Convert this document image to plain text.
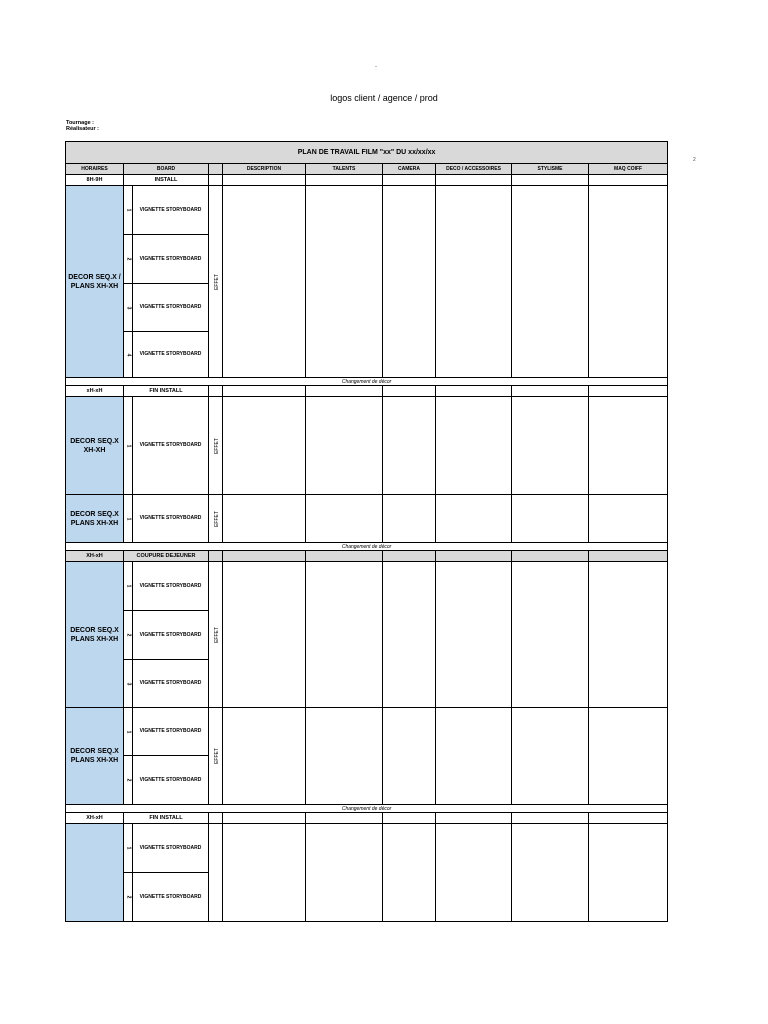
-
logos client / agence / prod
Tournage :
Réalisateur :
2
PLAN DE TRAVAIL FILM "xx" DU xx/xx/xx									
HORAIRES	BOARD			DESCRIPTION	TALENTS	CAMERA	DECO / ACCESSOIRES	STYLISME	MAQ COIFF
8H-9H	INSTALL								
DECOR SEQ.X / PLANS XH-XH	1	VIGNETTE STORYBOARD	EFFET						
	2	VIGNETTE STORYBOARD							
	3	VIGNETTE STORYBOARD							
	4	VIGNETTE STORYBOARD							
Changement de décor									
xH-xH	FIN INSTALL								
DECOR SEQ.X XH-XH	1	VIGNETTE STORYBOARD	EFFET						
DECOR SEQ.X PLANS XH-XH	1	VIGNETTE STORYBOARD	EFFET						
Changement de décor									
XH-xH	COUPURE DEJEUNER								
DECOR SEQ.X PLANS XH-XH	1	VIGNETTE STORYBOARD	EFFET						
	2	VIGNETTE STORYBOARD							
	3	VIGNETTE STORYBOARD							
DECOR SEQ.X PLANS XH-XH	1	VIGNETTE STORYBOARD	EFFET						
	2	VIGNETTE STORYBOARD							
Changement de décor									
XH-xH	FIN INSTALL								
	1	VIGNETTE STORYBOARD							
	2	VIGNETTE STORYBOARD							
